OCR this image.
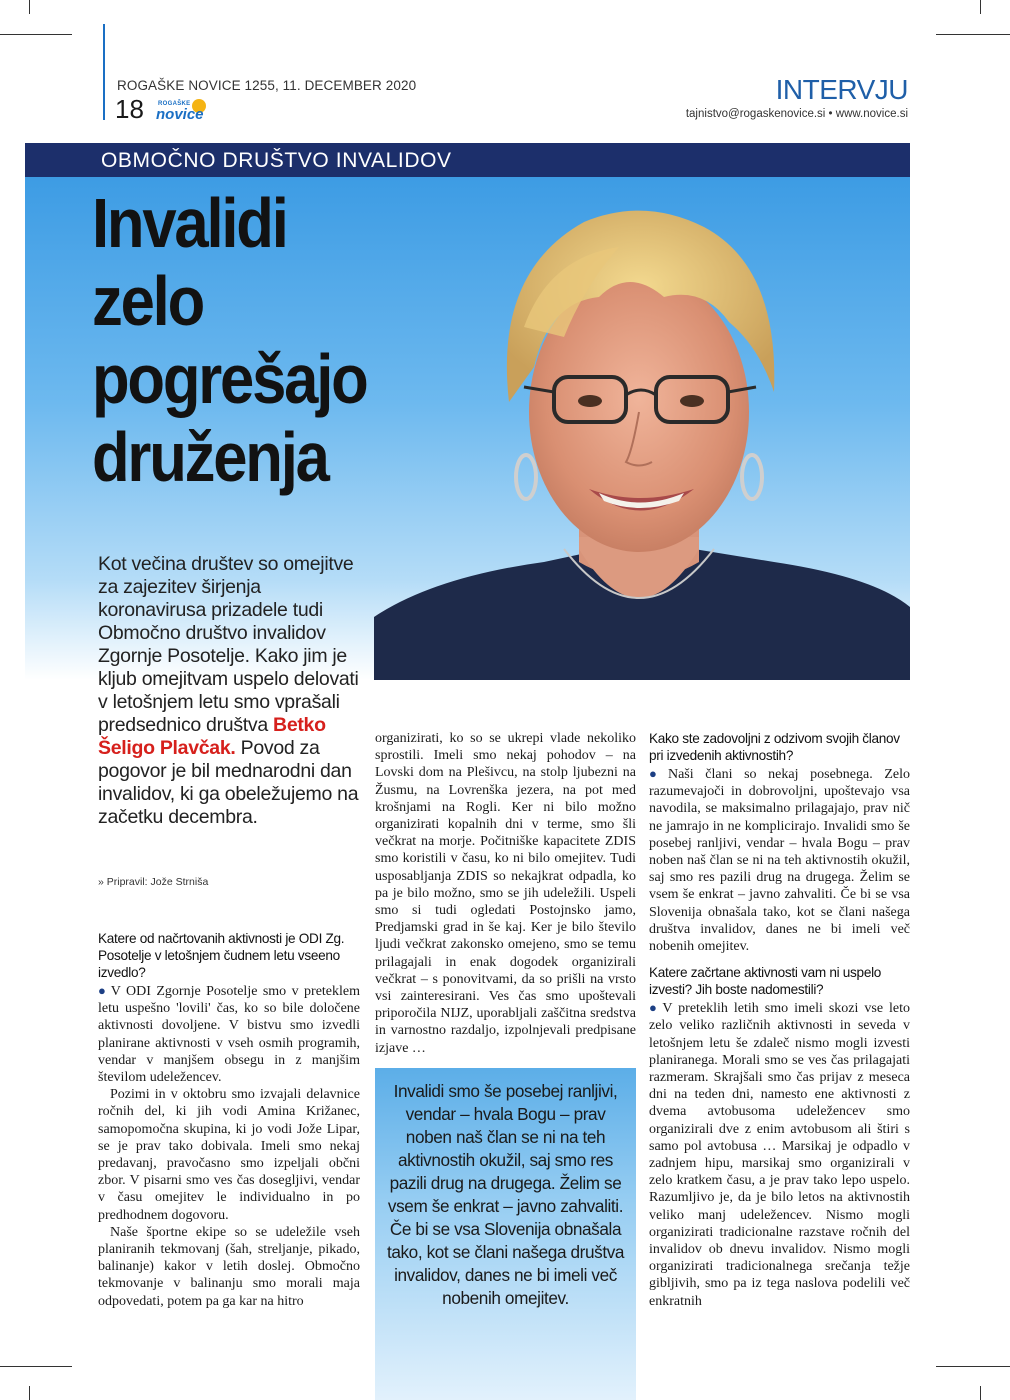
ROGAŠKE NOVICE 1255, 11. DECEMBER 2020
18 ROGAŠKE
novice
INTERVJU
tajnistvo@rogaskenovice.si • www.novice.si
OBMOČNO DRUŠTVO INVALIDOV
Invalidi
zelo
pogrešajo
druženja
Kot večina društev so omejitve za zajezitev širjenja koronavirusa prizadele tudi Območno društvo invalidov Zgornje Posotelje. Kako jim je kljub omejitvam uspelo delovati v letošnjem letu smo vprašali predsednico društva Betko Šeligo Plavčak. Povod za pogovor je bil mednarodni dan invalidov, ki ga obeležujemo na začetku decembra.
» Pripravil: Jože Strniša
Katere od načrtovanih aktivnosti je ODI Zg. Posotelje v letošnjem čudnem letu vseeno izvedlo?

● V ODI Zgornje Posotelje smo v preteklem letu uspešno 'lovili' čas, ko so bile določene aktivnosti dovoljene. V bistvu smo izvedli planirane aktivnosti v vseh osmih programih, vendar v manjšem obsegu in z manjšim številom udeležencev.

Pozimi in v oktobru smo izvajali delavnice ročnih del, ki jih vodi Amina Križanec, samopomočna skupina, ki jo vodi Jože Lipar, se je prav tako dobivala. Imeli smo nekaj predavanj, pravočasno smo izpeljali občni zbor. V pisarni smo ves čas dosegljivi, vendar v času omejitev le individualno in po predhodnem dogovoru.

Naše športne ekipe so se udeležile vseh planiranih tekmovanj (šah, streljanje, pikado, balinanje) kakor v letih doslej. Območno tekmovanje v balinanju smo morali maja odpovedati, potem pa ga kar na hitro

organizirati, ko so se ukrepi vlade nekoliko sprostili. Imeli smo nekaj pohodov – na Lovski dom na Plešivcu, na stolp ljubezni na Žusmu, na Lovrenška jezera, na pot med krošnjami na Rogli. Ker ni bilo možno organizirati kopalnih dni v terme, smo šli večkrat na morje. Počitniške kapacitete ZDIS smo koristili v času, ko ni bilo omejitev. Tudi usposabljanja ZDIS so nekajkrat odpadla, ko pa je bilo možno, smo se jih udeležili. Uspeli smo si tudi ogledati Postojnsko jamo, Predjamski grad in še kaj. Ker je bilo število ljudi večkrat zakonsko omejeno, smo se temu prilagajali in enak dogodek organizirali večkrat – s ponovitvami, da so prišli na vrsto vsi zainteresirani. Ves čas smo upoštevali priporočila NIJZ, uporabljali zaščitna sredstva in varnostno razdaljo, izpolnjevali predpisane izjave …

Invalidi smo še posebej ranljivi, vendar – hvala Bogu – prav noben naš član se ni na teh aktivnostih okužil, saj smo res pazili drug na drugega. Želim se vsem še enkrat – javno zahvaliti. Če bi se vsa Slovenija obnašala tako, kot se člani našega društva invalidov, danes ne bi imeli več nobenih omejitev.
Kako ste zadovoljni z odzivom svojih članov pri izvedenih aktivnostih?

● Naši člani so nekaj posebnega. Zelo razumevajoči in dobrovoljni, upoštevajo vsa navodila, se maksimalno prilagajajo, prav nič ne jamrajo in ne komplicirajo. Invalidi smo še posebej ranljivi, vendar – hvala Bogu – prav noben naš član se ni na teh aktivnostih okužil, saj smo res pazili drug na drugega. Želim se vsem še enkrat – javno zahvaliti. Če bi se vsa Slovenija obnašala tako, kot se člani našega društva invalidov, danes ne bi imeli več nobenih omejitev.

Katere začrtane aktivnosti vam ni uspelo izvesti? Jih boste nadomestili?

● V preteklih letih smo imeli skozi vse leto zelo veliko različnih aktivnosti in seveda v letošnjem letu še zdaleč nismo mogli izvesti planiranega. Morali smo se ves čas prilagajati razmeram. Skrajšali smo čas prijav z meseca dni na teden dni, namesto ene aktivnosti z dvema avtobusoma udeležencev smo organizirali dve z enim avtobusom ali štiri s samo pol avtobusa … Marsikaj je odpadlo v zadnjem hipu, marsikaj smo organizirali v zelo kratkem času, a je prav tako lepo uspelo. Razumljivo je, da je bilo letos na aktivnostih veliko manj udeležencev. Nismo mogli organizirati tradicionalne razstave ročnih del invalidov ob dnevu invalidov. Nismo mogli organizirati tradicionalnega srečanja težje gibljivih, smo pa iz tega naslova podelili več enkratnih
